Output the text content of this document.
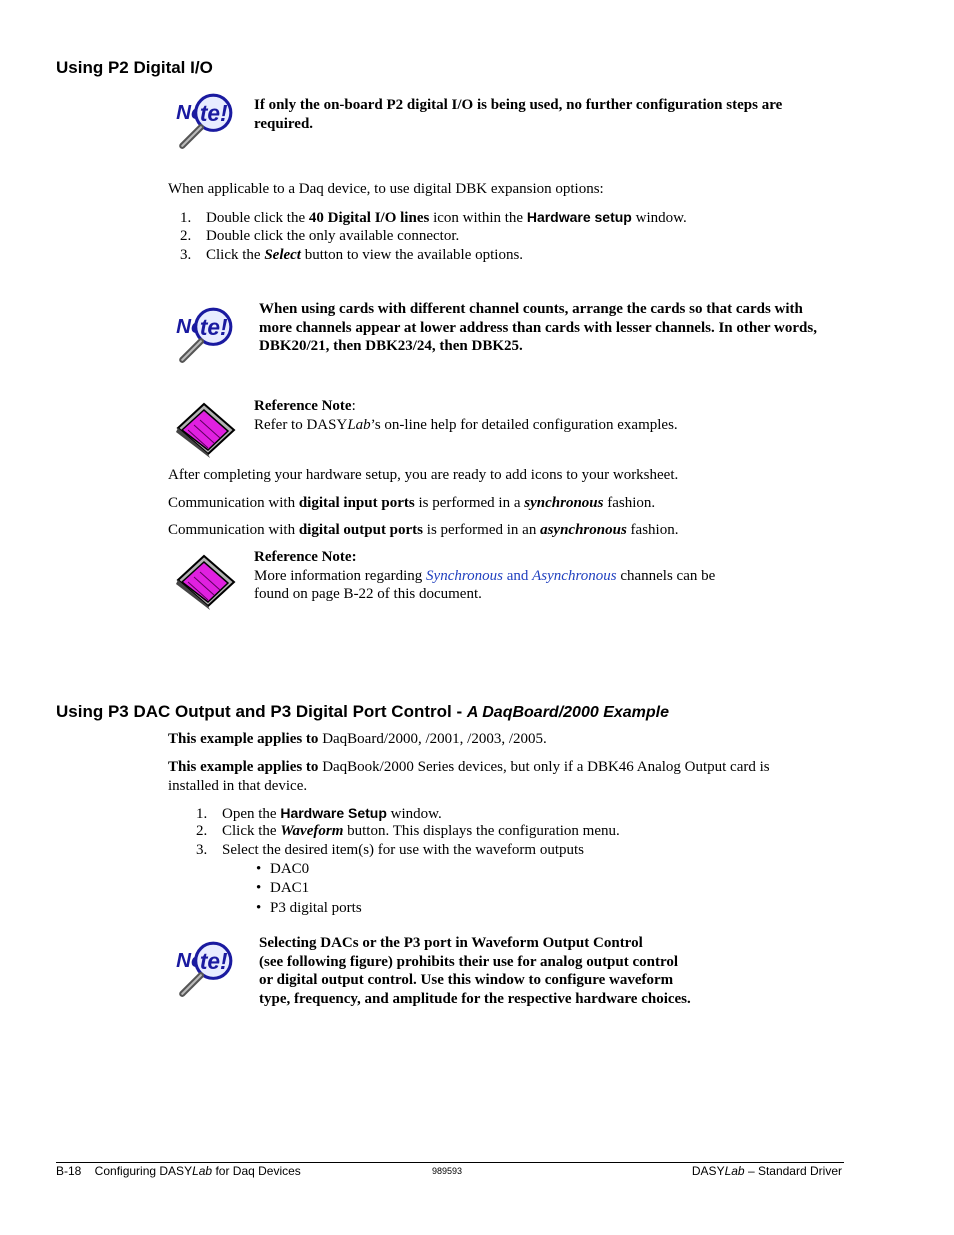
Using P2 Digital I/O
If only the on-board P2 digital I/O is being used, no further configuration steps are required.
When applicable to a Daq device, to use digital DBK expansion options:
1. Double click the 40 Digital I/O lines icon within the Hardware setup window.
2. Double click the only available connector.
3. Click the Select button to view the available options.
When using cards with different channel counts, arrange the cards so that cards with more channels appear at lower address than cards with lesser channels. In other words, DBK20/21, then DBK23/24, then DBK25.
Reference Note:
Refer to DASYLab’s on-line help for detailed configuration examples.
After completing your hardware setup, you are ready to add icons to your worksheet.
Communication with digital input ports is performed in a synchronous fashion.
Communication with digital output ports is performed in an asynchronous fashion.
Reference Note:
More information regarding Synchronous and Asynchronous channels can be
found on page B-22 of this document.
Using P3 DAC Output and P3 Digital Port Control - A DaqBoard/2000 Example
This example applies to DaqBoard/2000, /2001, /2003, /2005.
This example applies to DaqBook/2000 Series devices, but only if a DBK46 Analog Output card is
installed in that device.
1. Open the Hardware Setup window.
2. Click the Waveform button. This displays the configuration menu.
3. Select the desired item(s) for use with the waveform outputs
• DAC0
• DAC1
• P3 digital ports
Selecting DACs or the P3 port in Waveform Output Control
(see following figure) prohibits their use for analog output control
or digital output control. Use this window to configure waveform
type, frequency, and amplitude for the respective hardware choices.
B-18    Configuring DASYLab for Daq Devices	989593	DASYLab – Standard Driver
